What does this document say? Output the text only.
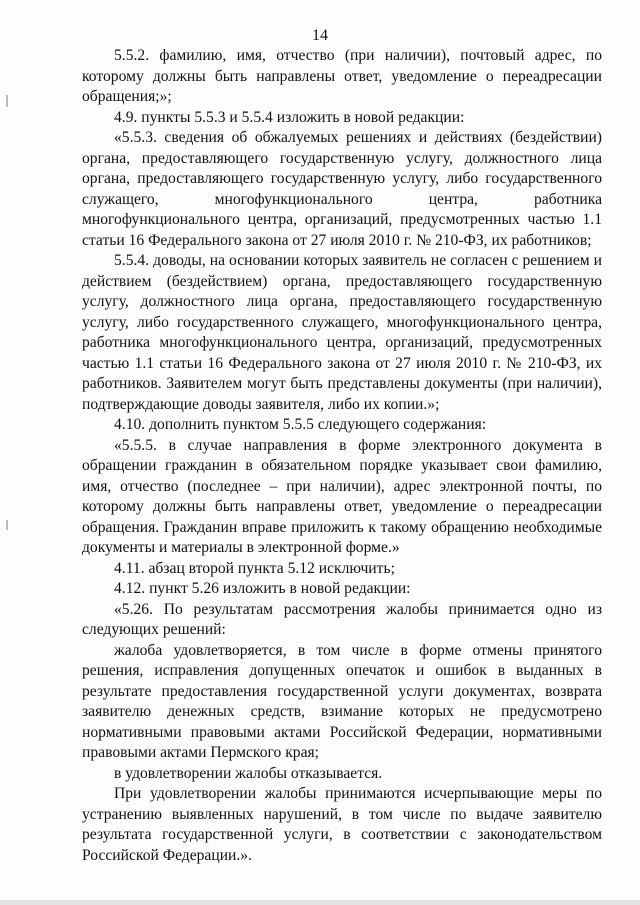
14

5.5.2. фамилию, имя, отчество (при наличии), почтовый адрес, по которому должны быть направлены ответ, уведомление о переадресации обращения;»;

4.9. пункты 5.5.3 и 5.5.4 изложить в новой редакции:

«5.5.3. сведения об обжалуемых решениях и действиях (бездействии) органа, предоставляющего государственную услугу, должностного лица органа, предоставляющего государственную услугу, либо государственного служащего, многофункционального центра, работника многофункционального центра, организаций, предусмотренных частью 1.1 статьи 16 Федерального закона от 27 июля 2010 г. № 210-ФЗ, их работников;

5.5.4. доводы, на основании которых заявитель не согласен с решением и действием (бездействием) органа, предоставляющего государственную услугу, должностного лица органа, предоставляющего государственную услугу, либо государственного служащего, многофункционального центра, работника многофункционального центра, организаций, предусмотренных частью 1.1 статьи 16 Федерального закона от 27 июля 2010 г. № 210-ФЗ, их работников. Заявителем могут быть представлены документы (при наличии), подтверждающие доводы заявителя, либо их копии.»;

4.10. дополнить пунктом 5.5.5 следующего содержания:

«5.5.5. в случае направления в форме электронного документа в обращении гражданин в обязательном порядке указывает свои фамилию, имя, отчество (последнее – при наличии), адрес электронной почты, по которому должны быть направлены ответ, уведомление о переадресации обращения. Гражданин вправе приложить к такому обращению необходимые документы и материалы в электронной форме.»

4.11. абзац второй пункта 5.12 исключить;

4.12. пункт 5.26 изложить в новой редакции:

«5.26. По результатам рассмотрения жалобы принимается одно из следующих решений:

жалоба удовлетворяется, в том числе в форме отмены принятого решения, исправления допущенных опечаток и ошибок в выданных в результате предоставления государственной услуги документах, возврата заявителю денежных средств, взимание которых не предусмотрено нормативными правовыми актами Российской Федерации, нормативными правовыми актами Пермского края;

в удовлетворении жалобы отказывается.

При удовлетворении жалобы принимаются исчерпывающие меры по устранению выявленных нарушений, в том числе по выдаче заявителю результата государственной услуги, в соответствии с законодательством Российской Федерации.».
